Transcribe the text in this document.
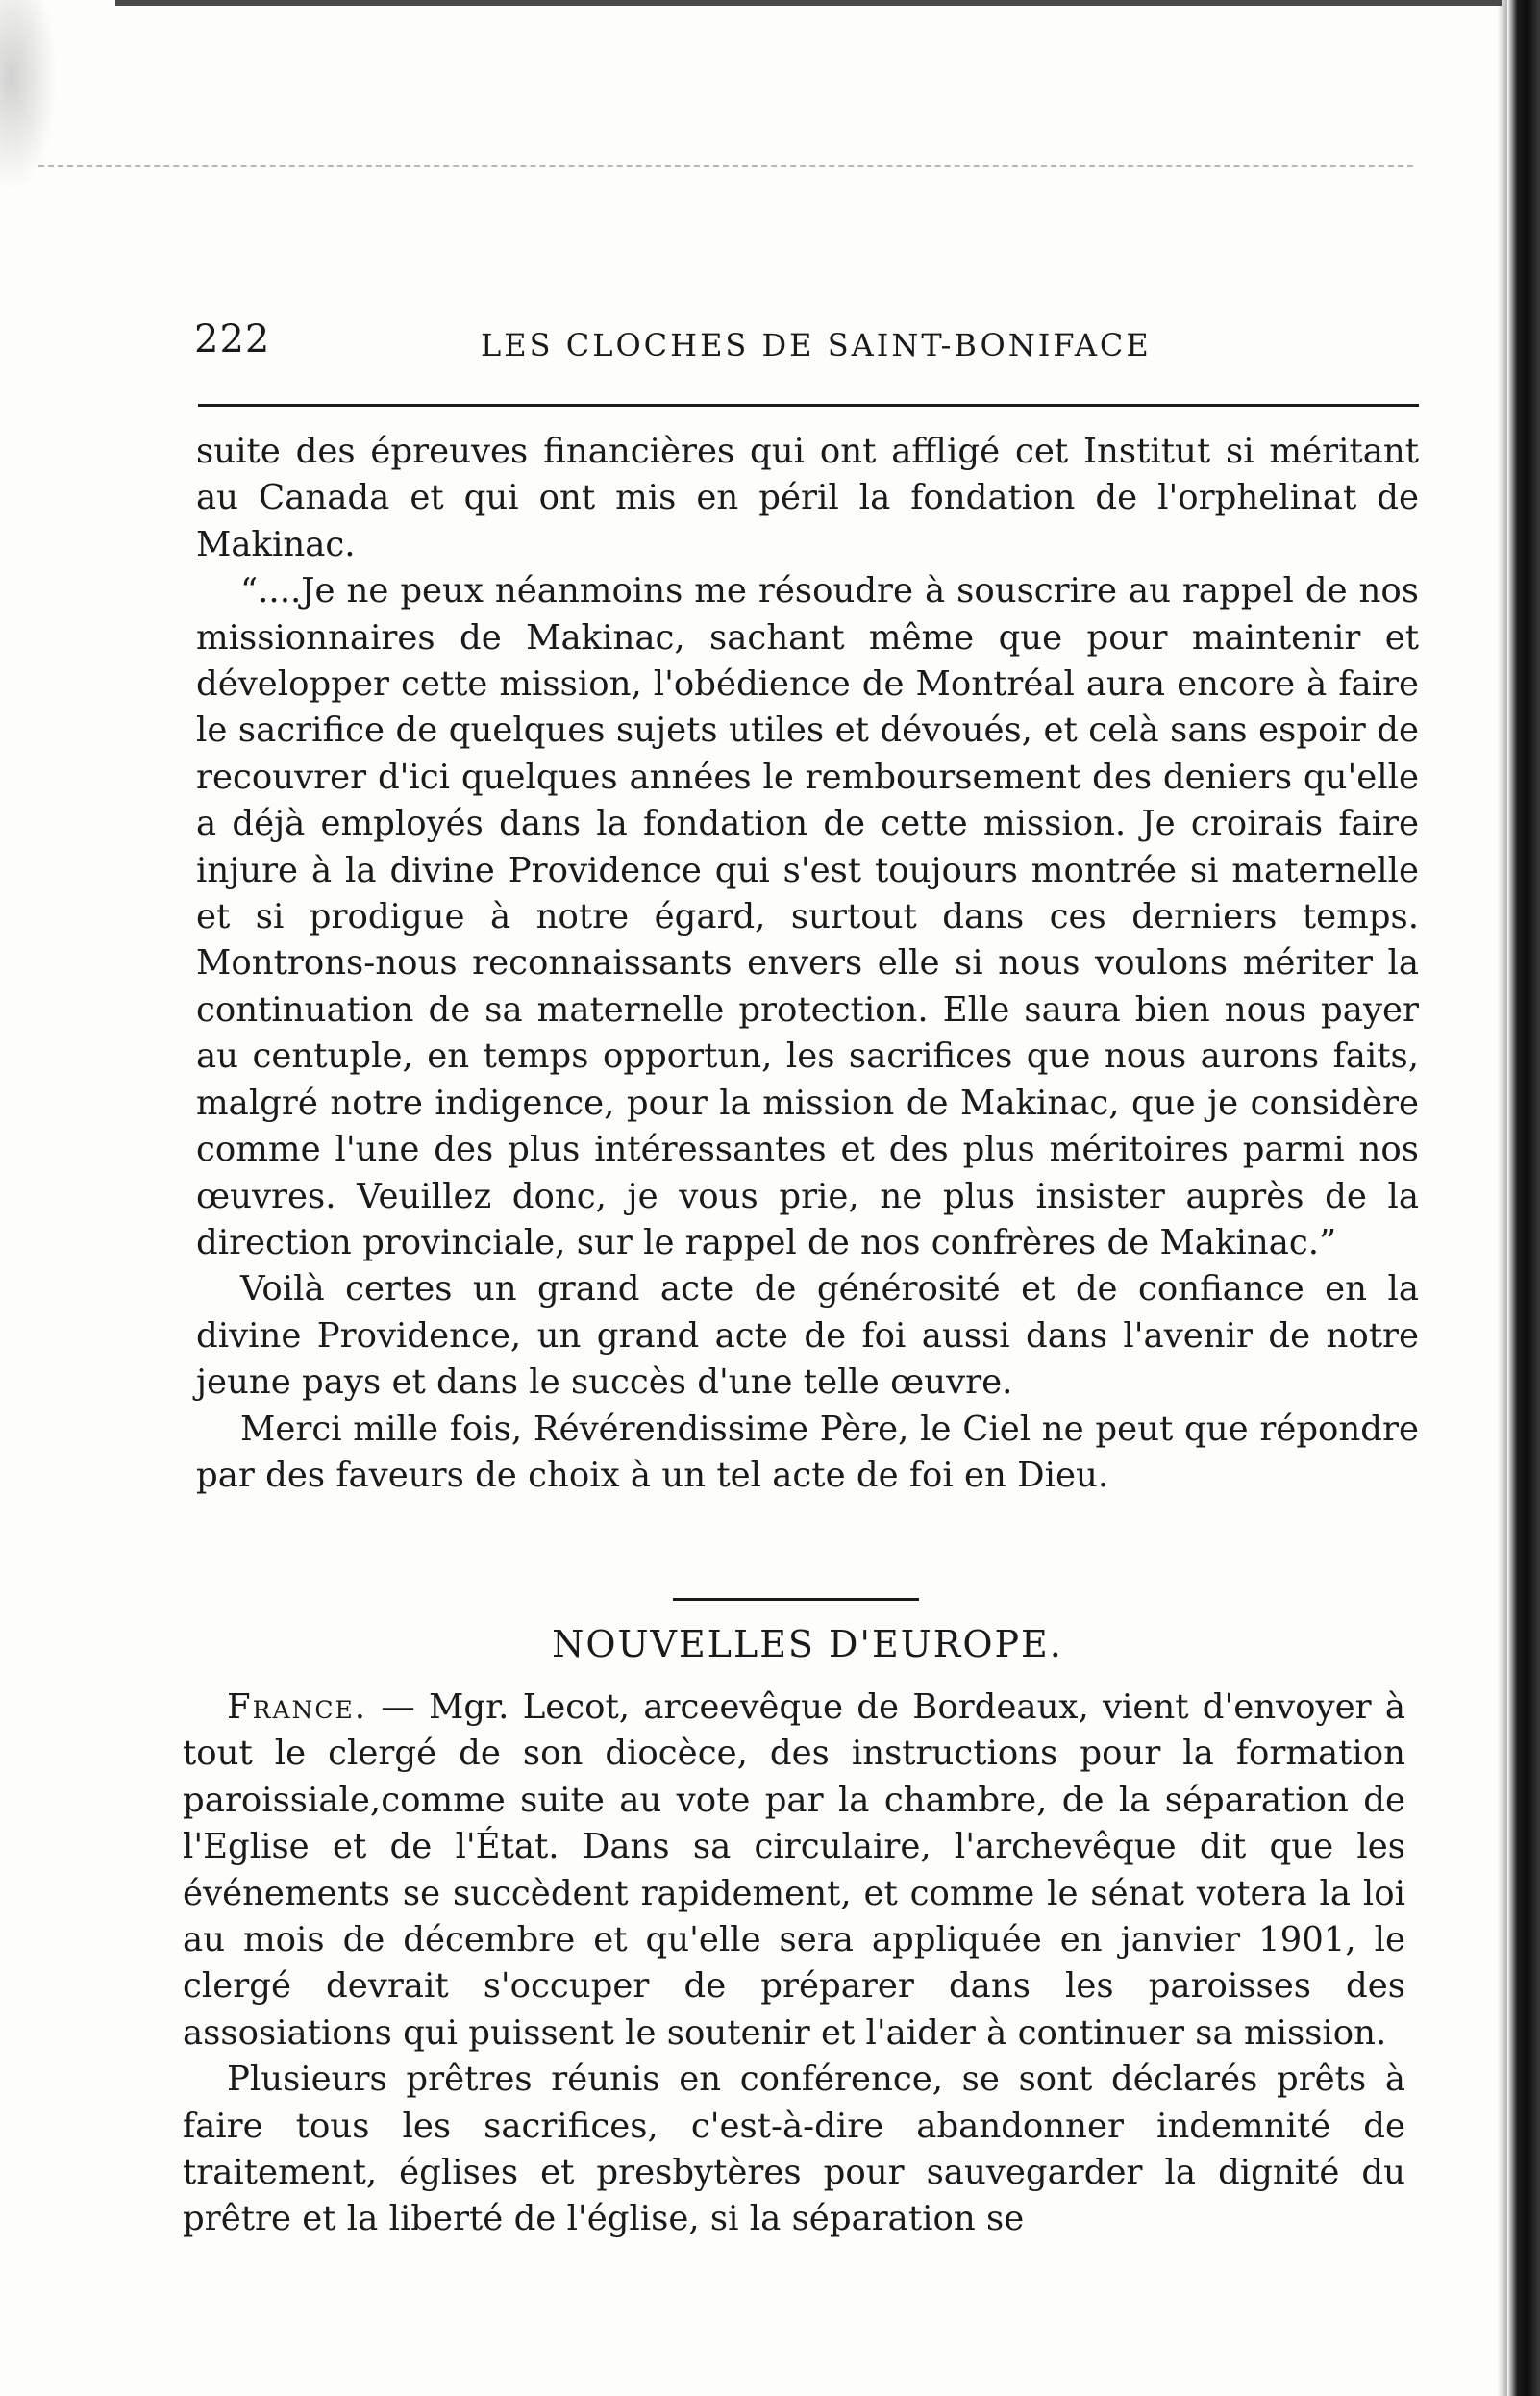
222	LES CLOCHES DE SAINT-BONIFACE

suite des épreuves financières qui ont affligé cet Institut si méritant au Canada et qui ont mis en péril la fondation de l'orphelinat de Makinac.

“....Je ne peux néanmoins me résoudre à souscrire au rappel de nos missionnaires de Makinac, sachant même que pour maintenir et développer cette mission, l'obédience de Montréal aura encore à faire le sacrifice de quelques sujets utiles et dévoués, et celà sans espoir de recouvrer d'ici quelques années le remboursement des deniers qu'elle a déjà employés dans la fondation de cette mission. Je croirais faire injure à la divine Providence qui s'est toujours montrée si maternelle et si prodigue à notre égard, surtout dans ces derniers temps. Montrons-nous reconnaissants envers elle si nous voulons mériter la continuation de sa maternelle protection. Elle saura bien nous payer au centuple, en temps opportun, les sacrifices que nous aurons faits, malgré notre indigence, pour la mission de Makinac, que je considère comme l'une des plus intéressantes et des plus méritoires parmi nos œuvres. Veuillez donc, je vous prie, ne plus insister auprès de la direction provinciale, sur le rappel de nos confrères de Makinac.”

Voilà certes un grand acte de générosité et de confiance en la divine Providence, un grand acte de foi aussi dans l'avenir de notre jeune pays et dans le succès d'une telle œuvre.

Merci mille fois, Révérendissime Père, le Ciel ne peut que répondre par des faveurs de choix à un tel acte de foi en Dieu.

NOUVELLES D'EUROPE.

France. — Mgr. Lecot, arceevêque de Bordeaux, vient d'envoyer à tout le clergé de son diocèce, des instructions pour la formation paroissiale,comme suite au vote par la chambre, de la séparation de l'Eglise et de l'État. Dans sa circulaire, l'archevêque dit que les événements se succèdent rapidement, et comme le sénat votera la loi au mois de décembre et qu'elle sera appliquée en janvier 1901, le clergé devrait s'occuper de préparer dans les paroisses des assosiations qui puissent le soutenir et l'aider à continuer sa mission.

Plusieurs prêtres réunis en conférence, se sont déclarés prêts à faire tous les sacrifices, c'est-à-dire abandonner indemnité de traitement, églises et presbytères pour sauvegarder la dignité du prêtre et la liberté de l'église, si la séparation se
